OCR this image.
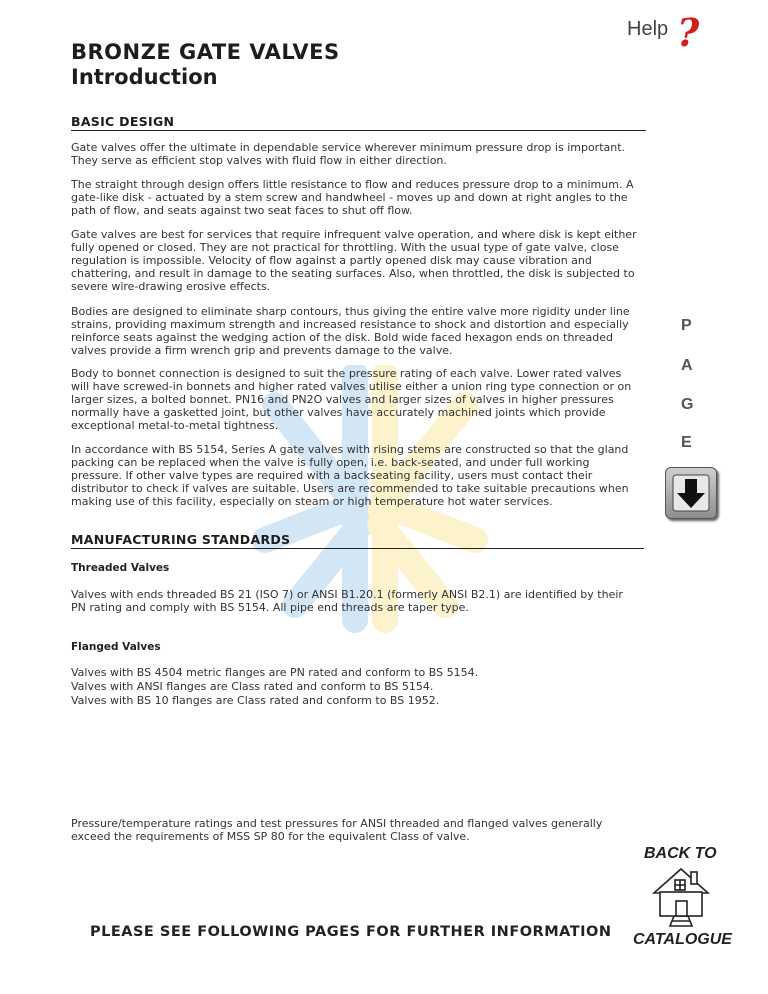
Help ?
BRONZE GATE VALVES
Introduction
BASIC DESIGN

Gate valves offer the ultimate in dependable service wherever minimum pressure drop is important. They serve as efficient stop valves with fluid flow in either direction.

The straight through design offers little resistance to flow and reduces pressure drop to a minimum. A gate-like disk - actuated by a stem screw and handwheel - moves up and down at right angles to the path of flow, and seats against two seat faces to shut off flow.

Gate valves are best for services that require infrequent valve operation, and where disk is kept either fully opened or closed. They are not practical for throttling. With the usual type of gate valve, close regulation is impossible. Velocity of flow against a partly opened disk may cause vibration and chattering, and result in damage to the seating surfaces. Also, when throttled, the disk is subjected to severe wire-drawing erosive effects.

Bodies are designed to eliminate sharp contours, thus giving the entire valve more rigidity under line strains, providing maximum strength and increased resistance to shock and distortion and especially reinforce seats against the wedging action of the disk. Bold wide faced hexagon ends on threaded valves provide a firm wrench grip and prevents damage to the valve.

Body to bonnet connection is designed to suit the pressure rating of each valve. Lower rated valves will have screwed-in bonnets and higher rated valves utilise either a union ring type connection or on larger sizes, a bolted bonnet. PN16 and PN2O valves and larger sizes of valves in higher pressures normally have a gasketted joint, but other valves have accurately machined joints which provide exceptional metal-to-metal tightness.

In accordance with BS 5154, Series A gate valves with rising stems are constructed so that the gland packing can be replaced when the valve is fully open, i.e. back-seated, and under full working pressure. If other valve types are required with a backseating facility, users must contact their distributor to check if valves are suitable. Users are recommended to take suitable precautions when making use of this facility, especially on steam or high temperature hot water services.

MANUFACTURING STANDARDS
Threaded Valves

Valves with ends threaded BS 21 (ISO 7) or ANSI B1.20.1 (formerly ANSI B2.1) are identified by their PN rating and comply with BS 5154. All pipe end threads are taper type.

Flanged Valves

Valves with BS 4504 metric flanges are PN rated and conform to BS 5154.

Valves with ANSI flanges are Class rated and conform to BS 5154.

Valves with BS 10 flanges are Class rated and conform to BS 1952.

Pressure/temperature ratings and test pressures for ANSI threaded and flanged valves generally exceed the requirements of MSS SP 80 for the equivalent Class of valve.

P
A
G
E
BACK TO
CATALOGUE
PLEASE SEE FOLLOWING PAGES FOR FURTHER INFORMATION
